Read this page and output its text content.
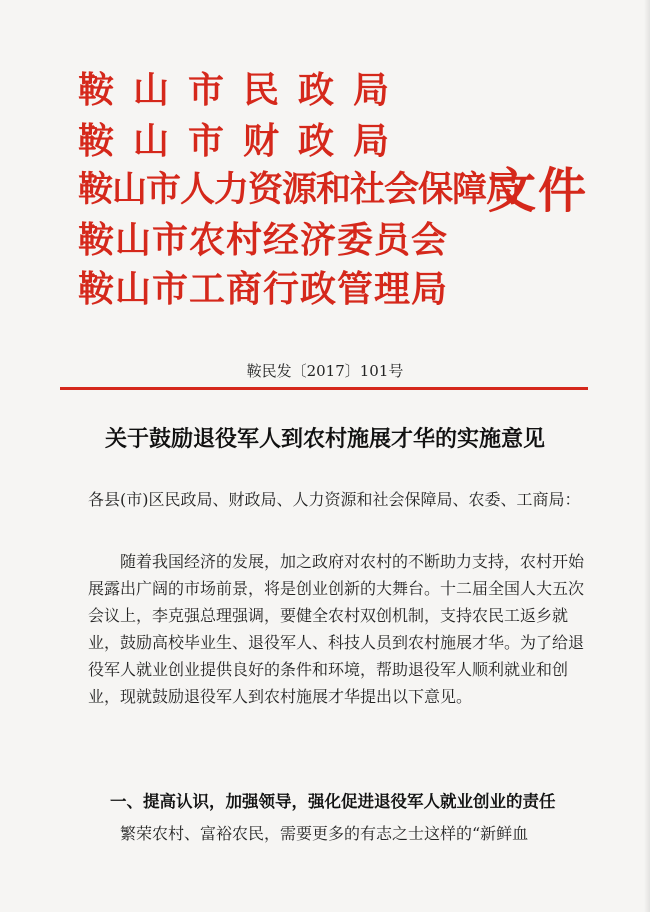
鞍山市民政局
鞍山市财政局
鞍山市人力资源和社会保障局
鞍山市农村经济委员会
鞍山市工商行政管理局
文件
鞍民发〔2017〕101号
关于鼓励退役军人到农村施展才华的实施意见
各县(市)区民政局、财政局、人力资源和社会保障局、农委、工商局：
随着我国经济的发展，加之政府对农村的不断助力支持，农村开始展露出广阔的市场前景，将是创业创新的大舞台。十二届全国人大五次会议上，李克强总理强调，要健全农村双创机制，支持农民工返乡就业，鼓励高校毕业生、退役军人、科技人员到农村施展才华。为了给退役军人就业创业提供良好的条件和环境，帮助退役军人顺利就业和创业，现就鼓励退役军人到农村施展才华提出以下意见。
一、提高认识，加强领导，强化促进退役军人就业创业的责任
繁荣农村、富裕农民，需要更多的有志之士这样的“新鲜血
